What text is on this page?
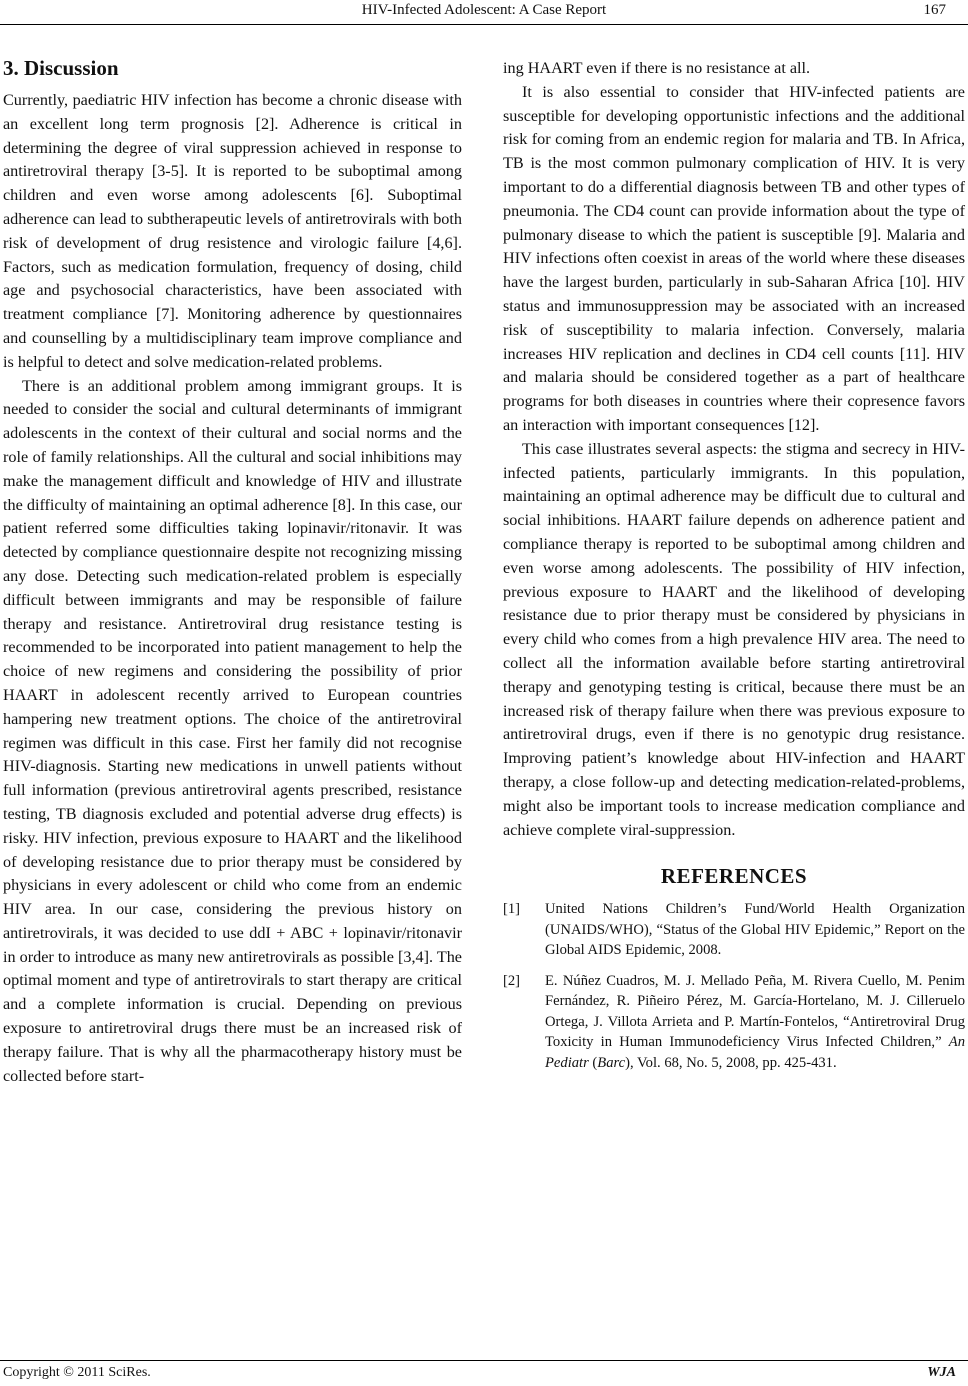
HIV-Infected Adolescent: A Case Report	167
3. Discussion

Currently, paediatric HIV infection has become a chronic disease with an excellent long term prognosis [2]. Adherence is critical in determining the degree of viral suppression achieved in response to antiretroviral therapy [3-5]. It is reported to be suboptimal among children and even worse among adolescents [6]. Suboptimal adherence can lead to subtherapeutic levels of antiretrovirals with both risk of development of drug resistence and virologic failure [4,6]. Factors, such as medication formulation, frequency of dosing, child age and psychosocial characteristics, have been associated with treatment compliance [7]. Monitoring adherence by questionnaires and counselling by a multidisciplinary team improve compliance and is helpful to detect and solve medication-related problems.

There is an additional problem among immigrant groups. It is needed to consider the social and cultural determinants of immigrant adolescents in the context of their cultural and social norms and the role of family relationships. All the cultural and social inhibitions may make the management difficult and knowledge of HIV and illustrate the difficulty of maintaining an optimal adherence [8]. In this case, our patient referred some difficulties taking lopinavir/ritonavir. It was detected by compliance questionnaire despite not recognizing missing any dose. Detecting such medication-related problem is especially difficult between immigrants and may be responsible of failure therapy and resistance. Antiretroviral drug resistance testing is recommended to be incorporated into patient management to help the choice of new regimens and considering the possibility of prior HAART in adolescent recently arrived to European countries hampering new treatment options. The choice of the antiretroviral regimen was difficult in this case. First her family did not recognise HIV-diagnosis. Starting new medications in unwell patients without full information (previous antiretroviral agents prescribed, resistance testing, TB diagnosis excluded and potential adverse drug effects) is risky. HIV infection, previous exposure to HAART and the likelihood of developing resistance due to prior therapy must be considered by physicians in every adolescent or child who come from an endemic HIV area. In our case, considering the previous history on antiretrovirals, it was decided to use ddI + ABC + lopinavir/ritonavir in order to introduce as many new antiretrovirals as possible [3,4]. The optimal moment and type of antiretrovirals to start therapy are critical and a complete information is crucial. Depending on previous exposure to antiretroviral drugs there must be an increased risk of therapy failure. That is why all the pharmacotherapy history must be collected before start-

ing HAART even if there is no resistance at all.

It is also essential to consider that HIV-infected patients are susceptible for developing opportunistic infections and the additional risk for coming from an endemic region for malaria and TB. In Africa, TB is the most common pulmonary complication of HIV. It is very important to do a differential diagnosis between TB and other types of pneumonia. The CD4 count can provide information about the type of pulmonary disease to which the patient is susceptible [9]. Malaria and HIV infections often coexist in areas of the world where these diseases have the largest burden, particularly in sub-Saharan Africa [10]. HIV status and immunosuppression may be associated with an increased risk of susceptibility to malaria infection. Conversely, malaria increases HIV replication and declines in CD4 cell counts [11]. HIV and malaria should be considered together as a part of healthcare programs for both diseases in countries where their copresence favors an interaction with important consequences [12].

This case illustrates several aspects: the stigma and secrecy in HIV-infected patients, particularly immigrants. In this population, maintaining an optimal adherence may be difficult due to cultural and social inhibitions. HAART failure depends on adherence patient and compliance therapy is reported to be suboptimal among children and even worse among adolescents. The possibility of HIV infection, previous exposure to HAART and the likelihood of developing resistance due to prior therapy must be considered by physicians in every child who comes from a high prevalence HIV area. The need to collect all the information available before starting antiretroviral therapy and genotyping testing is critical, because there must be an increased risk of therapy failure when there was previous exposure to antiretroviral drugs, even if there is no genotypic drug resistance. Improving patient’s knowledge about HIV-infection and HAART therapy, a close follow-up and detecting medication-related-problems, might also be important tools to increase medication compliance and achieve complete viral-suppression.

REFERENCES
[1]	United Nations Children’s Fund/World Health Organization (UNAIDS/WHO), “Status of the Global HIV Epidemic,” Report on the Global AIDS Epidemic, 2008.
[2]	E. Núñez Cuadros, M. J. Mellado Peña, M. Rivera Cuello, M. Penim Fernández, R. Piñeiro Pérez, M. García-Hortelano, M. J. Cilleruelo Ortega, J. Villota Arrieta and P. Martín-Fontelos, “Antiretroviral Drug Toxicity in Human Immunodeficiency Virus Infected Children,” An Pediatr (Barc), Vol. 68, No. 5, 2008, pp. 425-431.
Copyright © 2011 SciRes.	WJA
